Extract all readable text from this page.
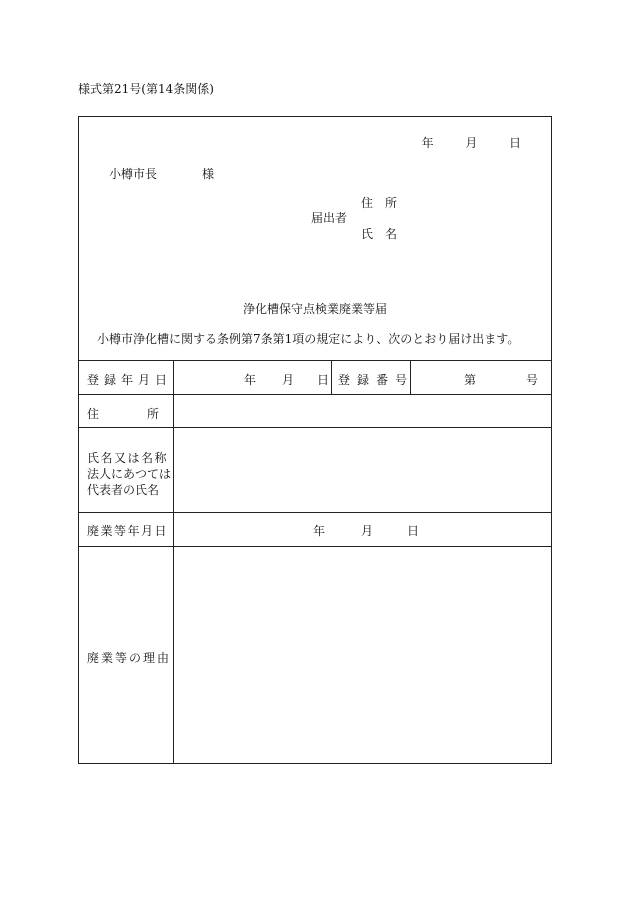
様式第21号(第14条関係)
年	月	日
小樽市長	様
住　所
届出者
氏　名
浄化槽保守点検業廃業等届
小樽市浄化槽に関する条例第7条第1項の規定により、次のとおり届け出ます。
登 録 年 月 日	年 月 日 登録番号	第	号
住　　　　所
氏名又は名称
法人にあつては
代表者の氏名
廃業等年月日	年	月	日
廃業等の理由
